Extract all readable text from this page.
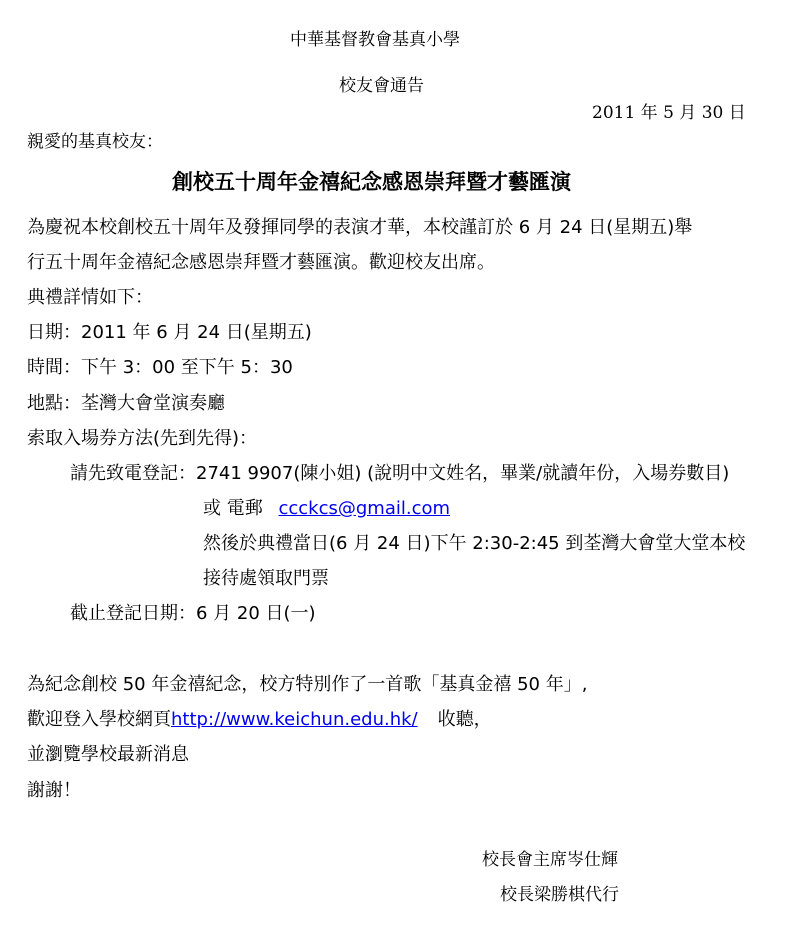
中華基督教會基真小學
校友會通告
2011 年 5 月 30 日
親愛的基真校友：
創校五十周年金禧紀念感恩崇拜暨才藝匯演
為慶祝本校創校五十周年及發揮同學的表演才華，本校謹訂於 6 月 24 日(星期五)舉
行五十周年金禧紀念感恩崇拜暨才藝匯演。歡迎校友出席。
典禮詳情如下：
日期：2011 年 6 月 24 日(星期五)
時間：下午 3：00 至下午 5：30
地點：荃灣大會堂演奏廳
索取入場券方法(先到先得)：
請先致電登記：2741 9907(陳小姐) (說明中文姓名，畢業/就讀年份，入場券數目)
或 電郵 ccckcs@gmail.com
然後於典禮當日(6 月 24 日)下午 2:30-2:45 到荃灣大會堂大堂本校
接待處領取門票
截止登記日期：6 月 20 日(一)
為紀念創校 50 年金禧紀念，校方特別作了一首歌「基真金禧 50 年」,
歡迎登入學校網頁http://www.keichun.edu.hk/ 收聽，
並瀏覽學校最新消息
謝謝！
校長會主席岑仕輝
校長梁勝棋代行
